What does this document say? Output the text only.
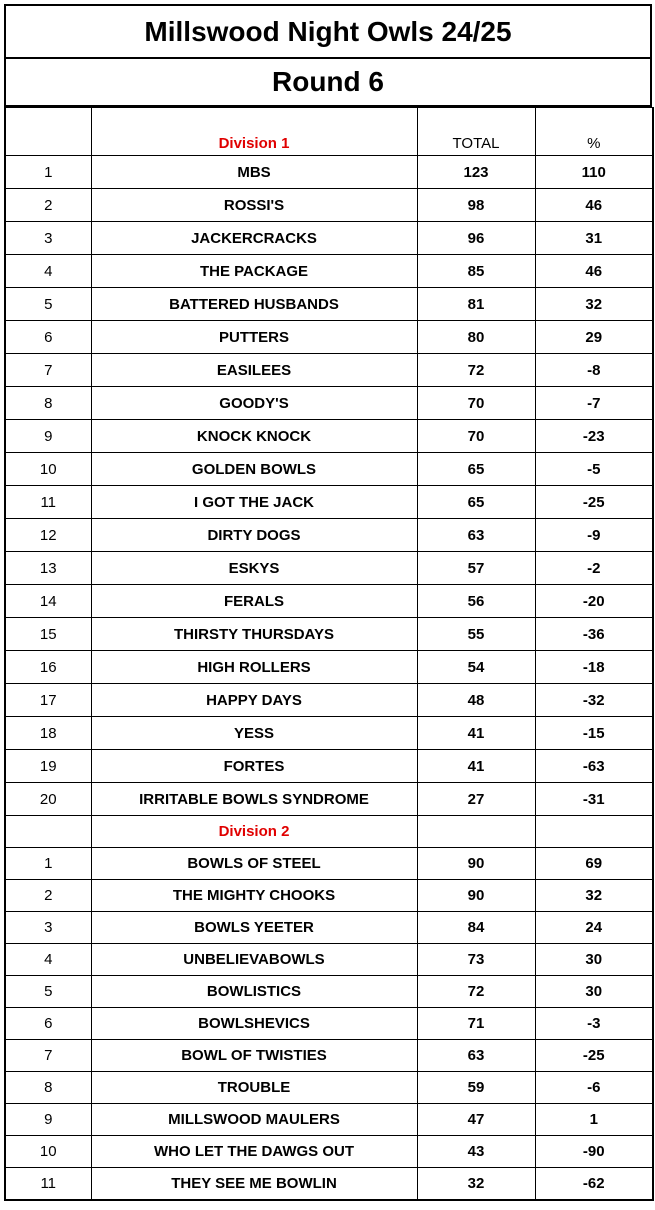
Millswood Night Owls 24/25
Round 6
	Division 1	TOTAL	%
1	MBS	123	110
2	ROSSI'S	98	46
3	JACKERCRACKS	96	31
4	THE PACKAGE	85	46
5	BATTERED HUSBANDS	81	32
6	PUTTERS	80	29
7	EASILEES	72	-8
8	GOODY'S	70	-7
9	KNOCK KNOCK	70	-23
10	GOLDEN BOWLS	65	-5
11	I GOT THE JACK	65	-25
12	DIRTY DOGS	63	-9
13	ESKYS	57	-2
14	FERALS	56	-20
15	THIRSTY THURSDAYS	55	-36
16	HIGH ROLLERS	54	-18
17	HAPPY DAYS	48	-32
18	YESS	41	-15
19	FORTES	41	-63
20	IRRITABLE BOWLS SYNDROME	27	-31
	Division 2		
1	BOWLS OF STEEL	90	69
2	THE MIGHTY CHOOKS	90	32
3	BOWLS YEETER	84	24
4	UNBELIEVABOWLS	73	30
5	BOWLISTICS	72	30
6	BOWLSHEVICS	71	-3
7	BOWL OF TWISTIES	63	-25
8	TROUBLE	59	-6
9	MILLSWOOD MAULERS	47	1
10	WHO LET THE DAWGS OUT	43	-90
11	THEY SEE ME BOWLIN	32	-62
